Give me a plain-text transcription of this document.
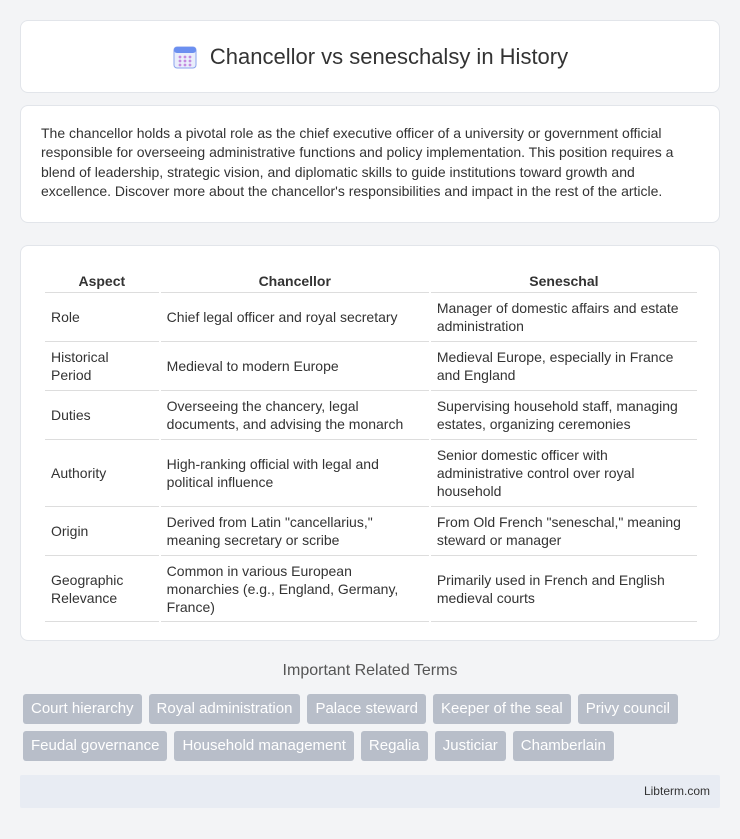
Chancellor vs seneschalsy in History

The chancellor holds a pivotal role as the chief executive officer of a university or government official responsible for overseeing administrative functions and policy implementation. This position requires a blend of leadership, strategic vision, and diplomatic skills to guide institutions toward growth and excellence. Discover more about the chancellor's responsibilities and impact in the rest of the article.

Aspect	Chancellor	Seneschal
Role	Chief legal officer and royal secretary	Manager of domestic affairs and estate administration
Historical Period	Medieval to modern Europe	Medieval Europe, especially in France and England
Duties	Overseeing the chancery, legal documents, and advising the monarch	Supervising household staff, managing estates, organizing ceremonies
Authority	High-ranking official with legal and political influence	Senior domestic officer with administrative control over royal household
Origin	Derived from Latin "cancellarius," meaning secretary or scribe	From Old French "seneschal," meaning steward or manager
Geographic Relevance	Common in various European monarchies (e.g., England, Germany, France)	Primarily used in French and English medieval courts
Important Related Terms
Court hierarchy	Royal administration	Palace steward	Keeper of the seal	Privy council
Feudal governance	Household management	Regalia	Justiciar	Chamberlain
Libterm.com
